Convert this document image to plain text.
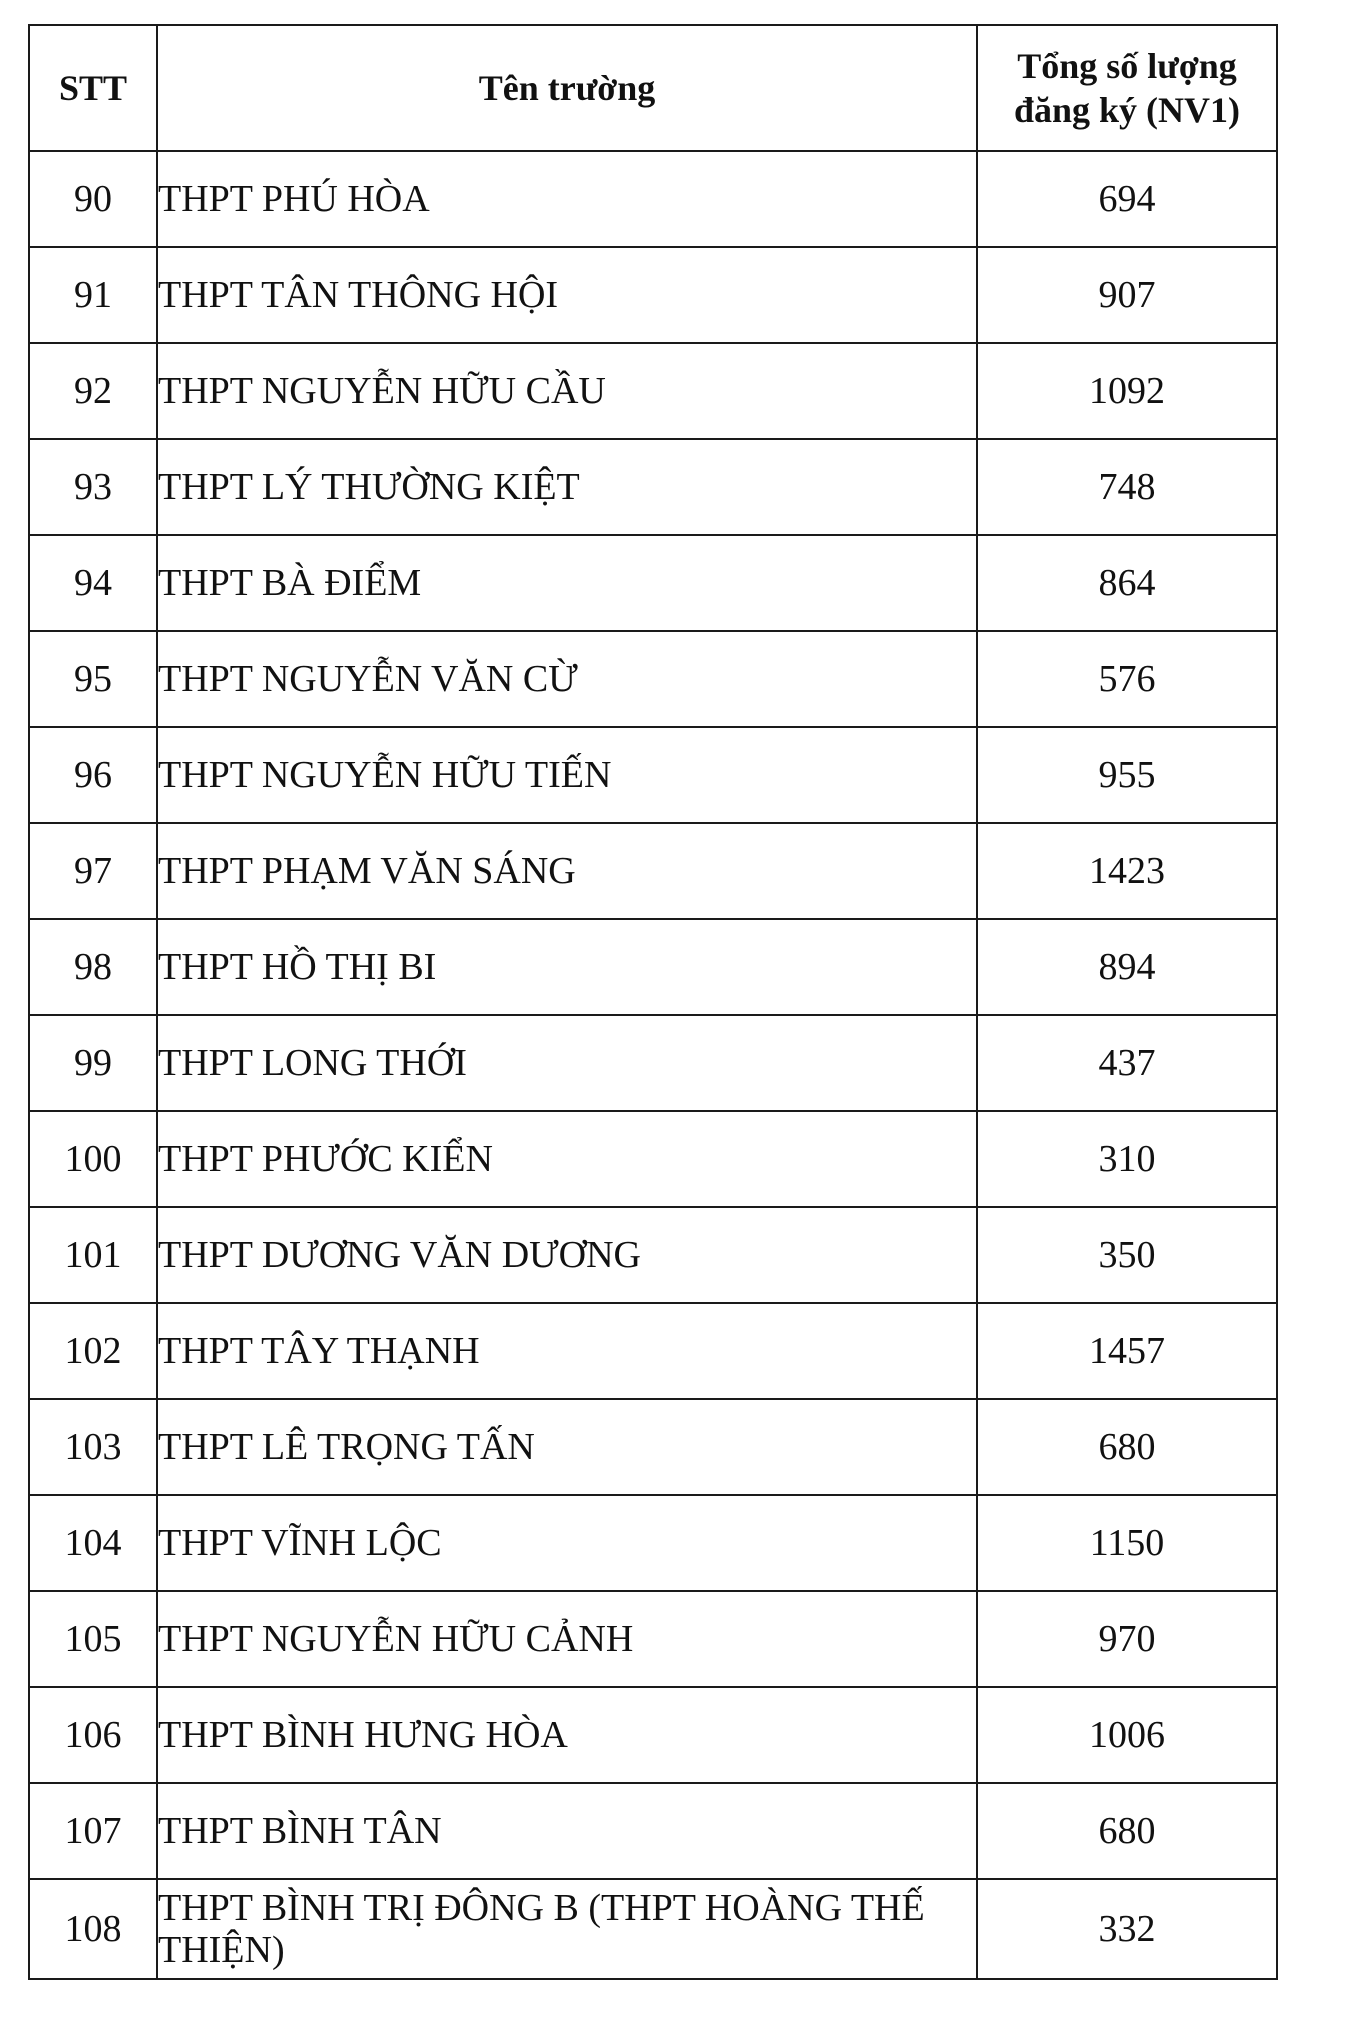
STT	Tên trường	Tổng số lượng
đăng ký (NV1)

90	THPT PHÚ HÒA	694
91	THPT TÂN THÔNG HỘI	907
92	THPT NGUYỄN HỮU CẦU	1092
93	THPT LÝ THƯỜNG KIỆT	748
94	THPT BÀ ĐIỂM	864
95	THPT NGUYỄN VĂN CỪ	576
96	THPT NGUYỄN HỮU TIẾN	955
97	THPT PHẠM VĂN SÁNG	1423
98	THPT HỒ THỊ BI	894
99	THPT LONG THỚI	437
100	THPT PHƯỚC KIỂN	310
101	THPT DƯƠNG VĂN DƯƠNG	350
102	THPT TÂY THẠNH	1457
103	THPT LÊ TRỌNG TẤN	680
104	THPT VĨNH LỘC	1150
105	THPT NGUYỄN HỮU CẢNH	970
106	THPT BÌNH HƯNG HÒA	1006
107	THPT BÌNH TÂN	680
108	THPT BÌNH TRỊ ĐÔNG B (THPT HOÀNG THẾ THIỆN)	332
